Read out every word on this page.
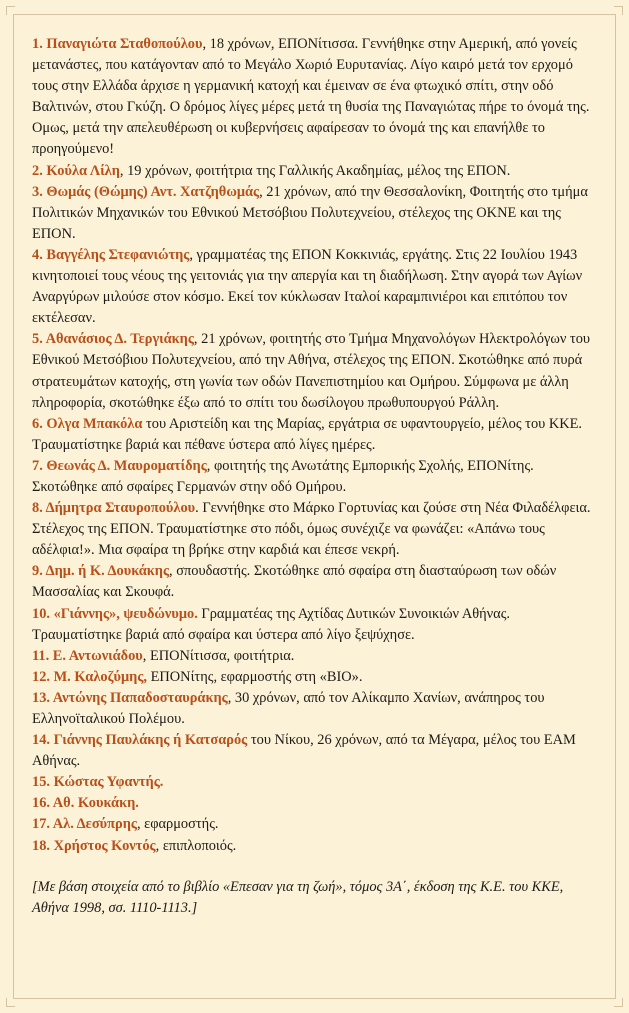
1. Παναγιώτα Σταθοπούλου, 18 χρόνων, ΕΠΟΝίτισσα. Γεννήθηκε στην Αμερική, από γονείς μετανάστες, που κατάγονταν από το Μεγάλο Χωριό Ευρυτανίας. Λίγο καιρό μετά τον ερχομό τους στην Ελλάδα άρχισε η γερμανική κατοχή και έμειναν σε ένα φτωχικό σπίτι, στην οδό Βαλτινών, στου Γκύζη. Ο δρόμος λίγες μέρες μετά τη θυσία της Παναγιώτας πήρε το όνομά της. Ομως, μετά την απελευθέρωση οι κυβερνήσεις αφαίρεσαν το όνομά της και επανήλθε το προηγούμενο!

2. Κούλα Λίλη, 19 χρόνων, φοιτήτρια της Γαλλικής Ακαδημίας, μέλος της ΕΠΟΝ.

3. Θωμάς (Θώμης) Αντ. Χατζηθωμάς, 21 χρόνων, από την Θεσσαλονίκη, Φοιτητής στο τμήμα Πολιτικών Μηχανικών του Εθνικού Μετσόβιου Πολυτεχνείου, στέλεχος της ΟΚΝΕ και της ΕΠΟΝ.

4. Βαγγέλης Στεφανιώτης, γραμματέας της ΕΠΟΝ Κοκκινιάς, εργάτης. Στις 22 Ιουλίου 1943 κινητοποιεί τους νέους της γειτονιάς για την απεργία και τη διαδήλωση. Στην αγορά των Αγίων Αναργύρων μιλούσε στον κόσμο. Εκεί τον κύκλωσαν Ιταλοί καραμπινιέροι και επιτόπου τον εκτέλεσαν.

5. Αθανάσιος Δ. Τεργιάκης, 21 χρόνων, φοιτητής στο Τμήμα Μηχανολόγων Ηλεκτρολόγων του Εθνικού Μετσόβιου Πολυτεχνείου, από την Αθήνα, στέλεχος της ΕΠΟΝ. Σκοτώθηκε από πυρά στρατευμάτων κατοχής, στη γωνία των οδών Πανεπιστημίου και Ομήρου. Σύμφωνα με άλλη πληροφορία, σκοτώθηκε έξω από το σπίτι του δωσίλογου πρωθυπουργού Ράλλη.

6. Ολγα Μπακόλα του Αριστείδη και της Μαρίας, εργάτρια σε υφαντουργείο, μέλος του ΚΚΕ. Τραυματίστηκε βαριά και πέθανε ύστερα από λίγες ημέρες.

7. Θεωνάς Δ. Μαυροματίδης, φοιτητής της Ανωτάτης Εμπορικής Σχολής, ΕΠΟΝίτης. Σκοτώθηκε από σφαίρες Γερμανών στην οδό Ομήρου.

8. Δήμητρα Σταυροπούλου. Γεννήθηκε στο Μάρκο Γορτυνίας και ζούσε στη Νέα Φιλαδέλφεια. Στέλεχος της ΕΠΟΝ. Τραυματίστηκε στο πόδι, όμως συνέχιζε να φωνάζει: «Απάνω τους αδέλφια!». Μια σφαίρα τη βρήκε στην καρδιά και έπεσε νεκρή.

9. Δημ. ή Κ. Δουκάκης, σπουδαστής. Σκοτώθηκε από σφαίρα στη διασταύρωση των οδών Μασσαλίας και Σκουφά.

10. «Γιάννης», ψευδώνυμο. Γραμματέας της Αχτίδας Δυτικών Συνοικιών Αθήνας. Τραυματίστηκε βαριά από σφαίρα και ύστερα από λίγο ξεψύχησε.

11. Ε. Αντωνιάδου, ΕΠΟΝίτισσα, φοιτήτρια.

12. Μ. Καλοζύμης, ΕΠΟΝίτης, εφαρμοστής στη «ΒΙΟ».

13. Αντώνης Παπαδοσταυράκης, 30 χρόνων, από τον Αλίκαμπο Χανίων, ανάπηρος του Ελληνοϊταλικού Πολέμου.

14. Γιάννης Παυλάκης ή Κατσαρός του Νίκου, 26 χρόνων, από τα Μέγαρα, μέλος του ΕΑΜ Αθήνας.

15. Κώστας Υφαντής.

16. Αθ. Κουκάκη.

17. Αλ. Δεσύπρης, εφαρμοστής.

18. Χρήστος Κοντός, επιπλοποιός.

[Με βάση στοιχεία από το βιβλίο «Επεσαν για τη ζωή», τόμος 3Α΄, έκδοση της Κ.Ε. του ΚΚΕ, Αθήνα 1998, σσ. 1110-1113.]
